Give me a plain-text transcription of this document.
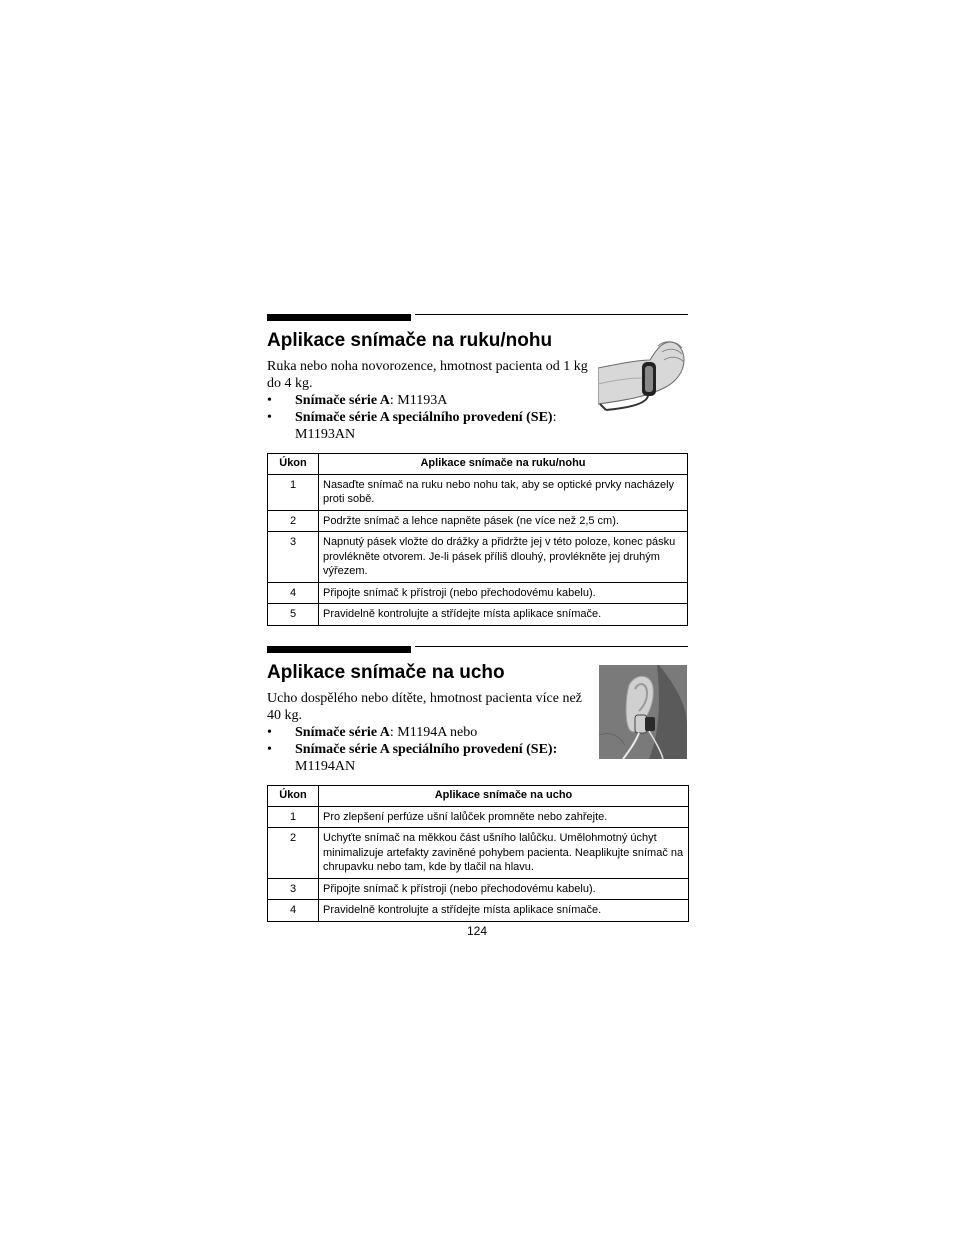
Aplikace snímače na ruku/nohu

Ruka nebo noha novorozence, hmotnost pacienta od 1 kg do 4 kg.

• Snímače série A: M1193A

• Snímače série A speciálního provedení (SE): M1193AN

Úkon	Aplikace snímače na ruku/nohu
1	Nasaďte snímač na ruku nebo nohu tak, aby se optické prvky nacházely proti sobě.
2	Podržte snímač a lehce napněte pásek (ne více než 2,5 cm).
3	Napnutý pásek vložte do drážky a přidržte jej v této poloze, konec pásku provlékněte otvorem. Je-li pásek příliš dlouhý, provlékněte jej druhým výřezem.
4	Připojte snímač k přístroji (nebo přechodovému kabelu).
5	Pravidelně kontrolujte a střídejte místa aplikace snímače.
Aplikace snímače na ucho

Ucho dospělého nebo dítěte, hmotnost pacienta více než 40 kg.

• Snímače série A: M1194A nebo

• Snímače série A speciálního provedení (SE): M1194AN

Úkon	Aplikace snímače na ucho
1	Pro zlepšení perfúze ušní lalůček promněte nebo zahřejte.
2	Uchyťte snímač na měkkou část ušního lalůčku. Umělohmotný úchyt minimalizuje artefakty zaviněné pohybem pacienta. Neaplikujte snímač na chrupavku nebo tam, kde by tlačil na hlavu.
3	Připojte snímač k přístroji (nebo přechodovému kabelu).
4	Pravidelně kontrolujte a střídejte místa aplikace snímače.
124
